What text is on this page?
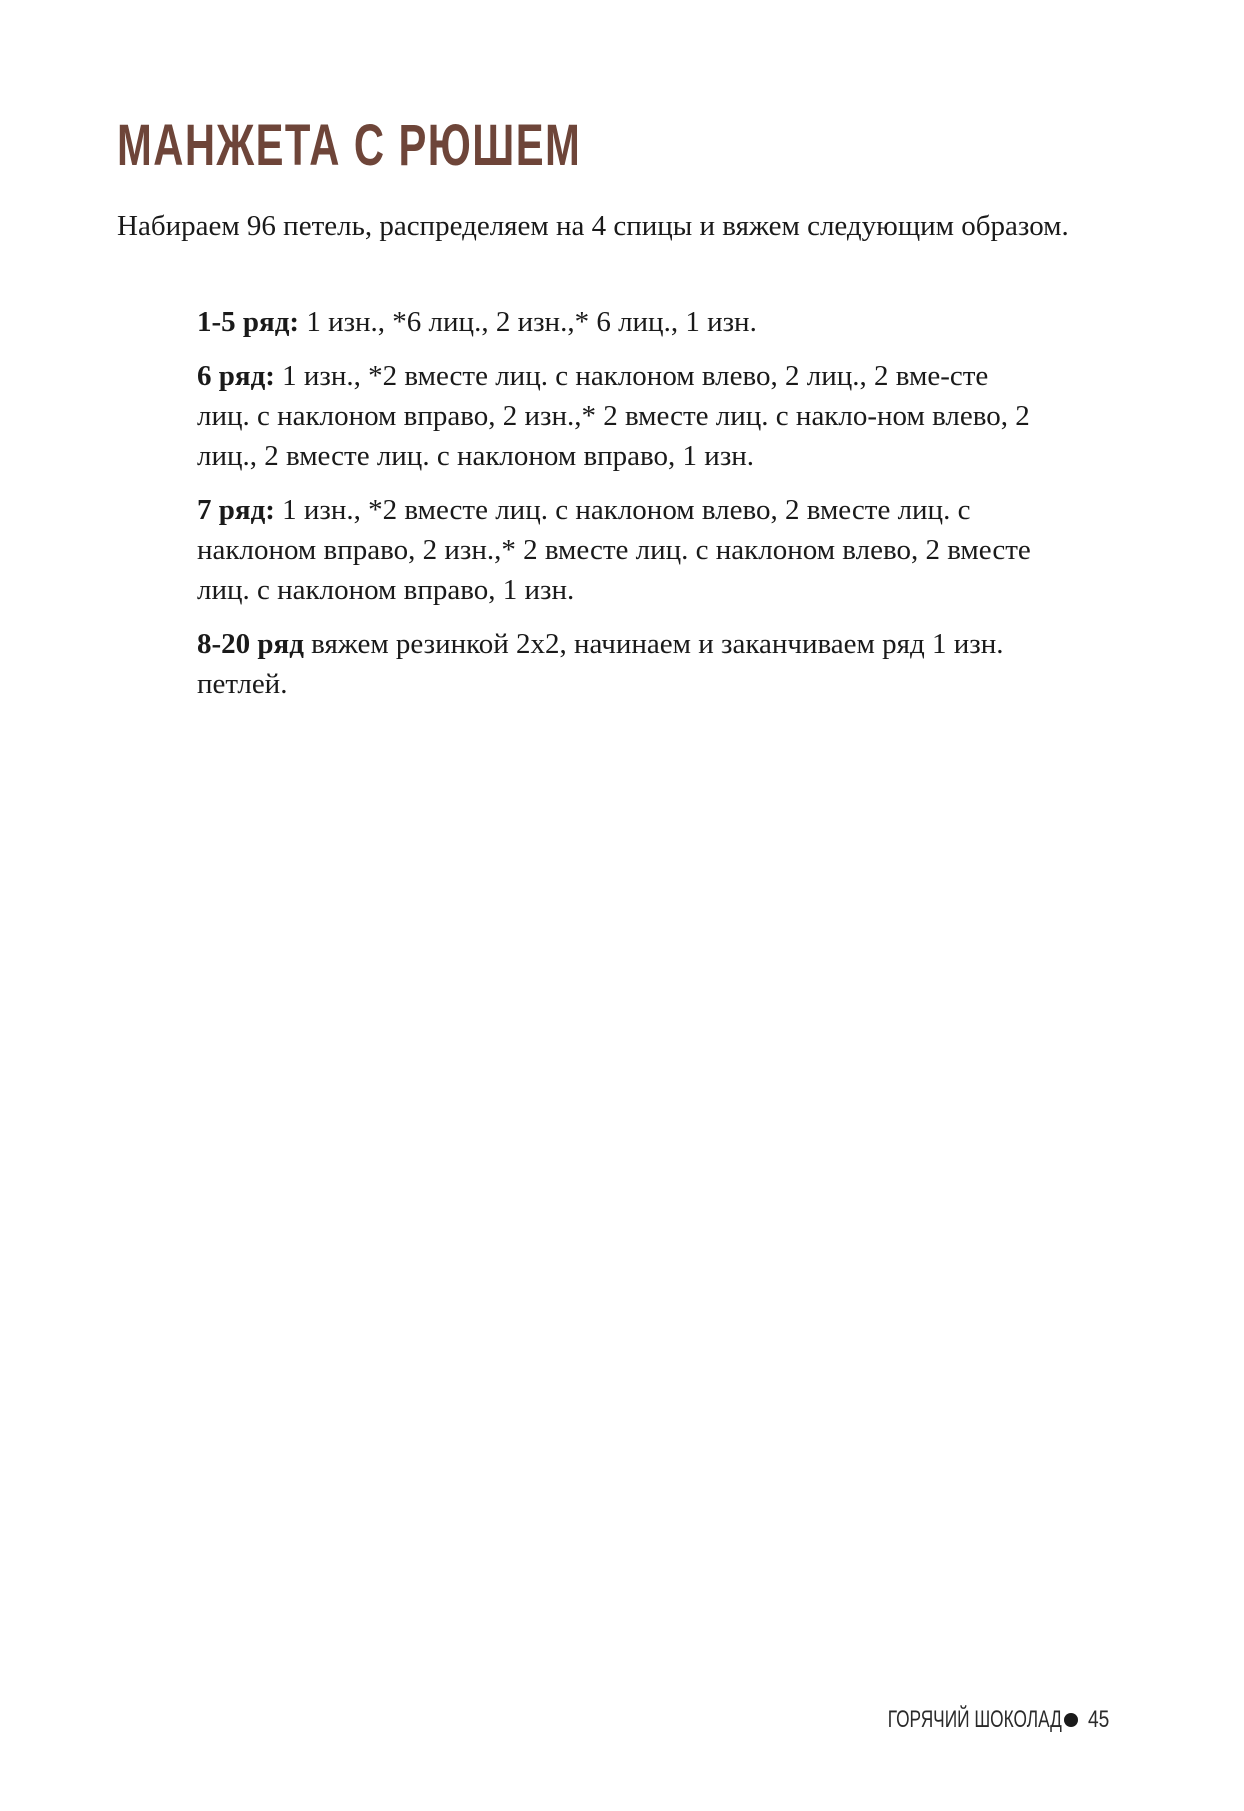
МАНЖЕТА С РЮШЕМ

Набираем 96 петель, распределяем на 4 спицы и вяжем следующим образом.

1-5 ряд: 1 изн., *6 лиц., 2 изн.,* 6 лиц., 1 изн.

6 ряд: 1 изн., *2 вместе лиц. с наклоном влево, 2 лиц., 2 вме-сте лиц. с наклоном вправо, 2 изн.,* 2 вместе лиц. с накло-ном влево, 2 лиц., 2 вместе лиц. с наклоном вправо, 1 изн.

7 ряд: 1 изн., *2 вместе лиц. с наклоном влево, 2 вместе лиц. с наклоном вправо, 2 изн.,* 2 вместе лиц. с наклоном влево, 2 вместе лиц. с наклоном вправо, 1 изн.

8-20 ряд вяжем резинкой 2х2, начинаем и заканчиваем ряд 1 изн. петлей.

ГОРЯЧИЙ ШОКОЛАД 45
